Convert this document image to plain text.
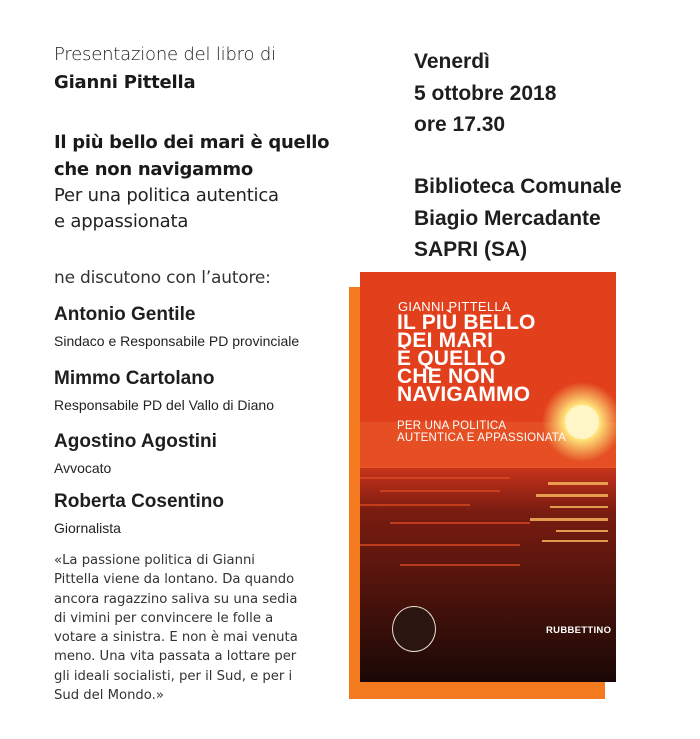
Presentazione del libro di
Gianni Pittella
Il più bello dei mari è quello
che non navigammo
Per una politica autentica
e appassionata
ne discutono con l’autore:
Antonio Gentile
Sindaco e Responsabile PD provinciale
Mimmo Cartolano
Responsabile PD del Vallo di Diano
Agostino Agostini
Avvocato
Roberta Cosentino
Giornalista
«La passione politica di Gianni
Pittella viene da lontano. Da quando
ancora ragazzino saliva su una sedia
di vimini per convincere le folle a
votare a sinistra. E non è mai venuta
meno. Una vita passata a lottare per
gli ideali socialisti, per il Sud, e per i
Sud del Mondo.»
Venerdì
5 ottobre 2018
ore 17.30
Biblioteca Comunale
Biagio Mercadante
SAPRI (SA)
GIANNI PITTELLA
IL PIÙ BELLO
DEI MARI
È QUELLO
CHE NON
NAVIGAMMO
PER UNA POLITICA
AUTENTICA E APPASSIONATA
RUBBETTINO
